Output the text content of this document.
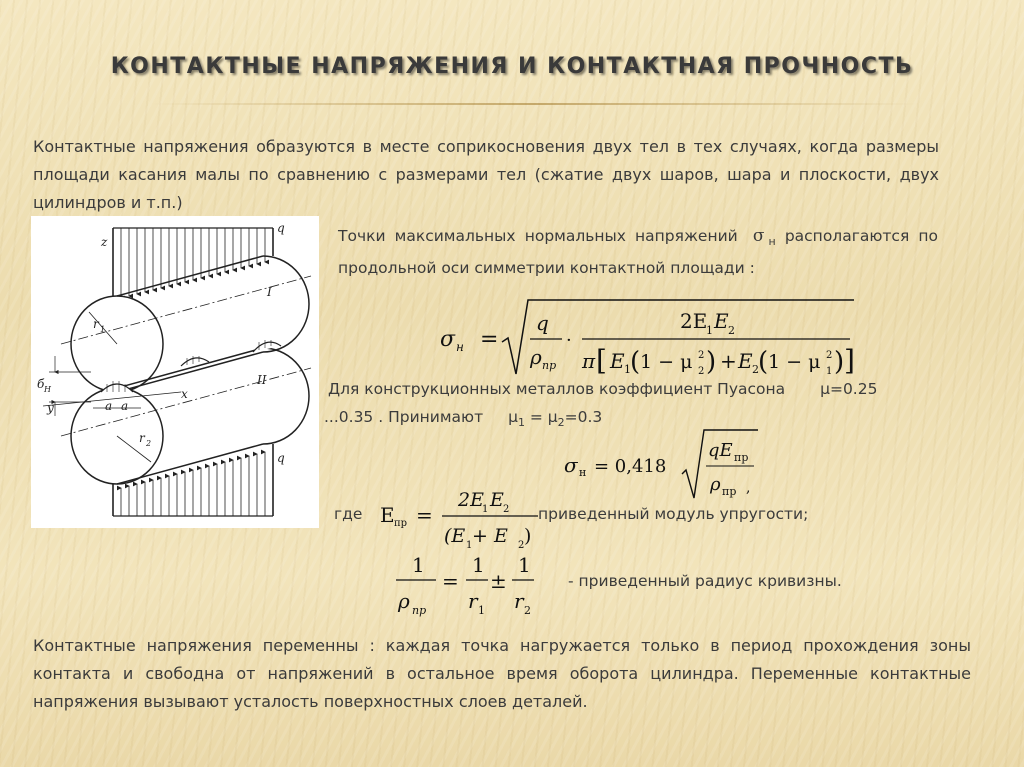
КОНТАКТНЫЕ НАПРЯЖЕНИЯ И КОНТАКТНАЯ ПРОЧНОСТЬ
Контактные напряжения образуются в месте соприкосновения двух тел в тех случаях, когда размеры площади касания малы по сравнению с размерами тел (сжатие двух шаров, шара и плоскости, двух цилиндров и т.п.)
z
q
q
r 1
r 2
I
II
x
y	a a
б H
Точки максимальных нормальных напряжений σ $_н$ располагаются по продольной оси симметрии контактной площади :
σ н =
q
ρ пр
·
2E
1 E 2
π [ E 1 ( 1 − μ 2
2 ) + E 2 ( 1 − μ 2
1 ) ]
Для конструкционных металлов коэффициент Пуасона μ=0.25
...0.35 . Принимают $\mu_1 = \mu_2=0.3$
σ н = 0,418
qE пр
ρ пр ,
где E пр =
2E
1 E 2
(E 1 + E 2 )
приведенный модуль упругости;
1
ρ пр
=
1
r 1
±
1
r 2
- приведенный радиус кривизны.
Контактные напряжения переменны : каждая точка нагружается только в период прохождения зоны контакта и свободна от напряжений в остальное время оборота цилиндра. Переменные контактные напряжения вызывают усталость поверхностных слоев деталей.
